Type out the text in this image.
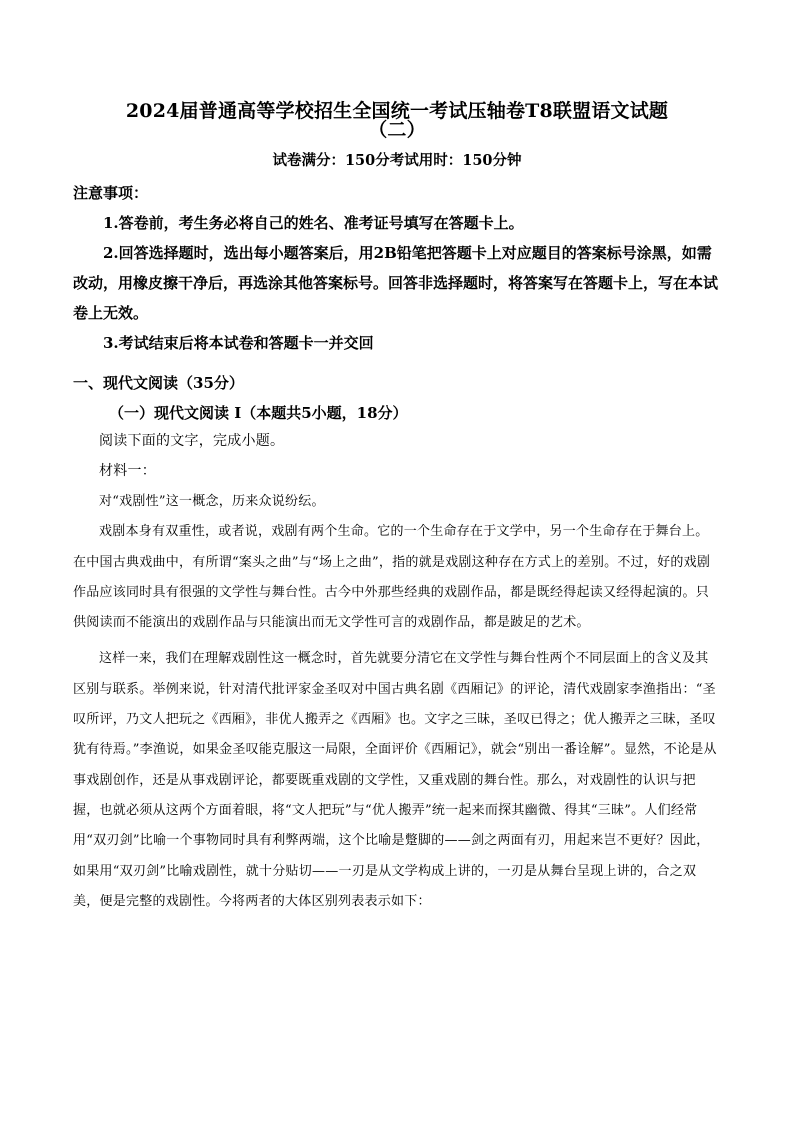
2024届普通高等学校招生全国统一考试压轴卷T8联盟语文试题
（二）
试卷满分：150分考试用时：150分钟

注意事项：

1.答卷前，考生务必将自己的姓名、准考证号填写在答题卡上。

2.回答选择题时，选出每小题答案后，用2B铅笔把答题卡上对应题目的答案标号涂黑，如需改动，用橡皮擦干净后，再选涂其他答案标号。回答非选择题时，将答案写在答题卡上，写在本试卷上无效。

3.考试结束后将本试卷和答题卡一并交回

一、现代文阅读（35分）

（一）现代文阅读 I（本题共5小题，18分）

阅读下面的文字，完成小题。

材料一：

对“戏剧性”这一概念，历来众说纷纭。

戏剧本身有双重性，或者说，戏剧有两个生命。它的一个生命存在于文学中，另一个生命存在于舞台上。在中国古典戏曲中，有所谓“案头之曲”与“场上之曲”，指的就是戏剧这种存在方式上的差别。不过，好的戏剧作品应该同时具有很强的文学性与舞台性。古今中外那些经典的戏剧作品，都是既经得起读又经得起演的。只供阅读而不能演出的戏剧作品与只能演出而无文学性可言的戏剧作品，都是跛足的艺术。

这样一来，我们在理解戏剧性这一概念时，首先就要分清它在文学性与舞台性两个不同层面上的含义及其区别与联系。举例来说，针对清代批评家金圣叹对中国古典名剧《西厢记》的评论，清代戏剧家李渔指出：“圣叹所评，乃文人把玩之《西厢》，非优人搬弄之《西厢》也。文字之三昧，圣叹已得之；优人搬弄之三昧，圣叹犹有待焉。”李渔说，如果金圣叹能克服这一局限，全面评价《西厢记》，就会“别出一番诠解”。显然，不论是从事戏剧创作，还是从事戏剧评论，都要既重戏剧的文学性，又重戏剧的舞台性。那么，对戏剧性的认识与把握，也就必须从这两个方面着眼，将“文人把玩”与“优人搬弄”统一起来而探其幽微、得其“三昧”。人们经常用“双刃剑”比喻一个事物同时具有利弊两端，这个比喻是蹩脚的——剑之两面有刃，用起来岂不更好？因此，如果用“双刃剑”比喻戏剧性，就十分贴切——一刃是从文学构成上讲的，一刃是从舞台呈现上讲的，合之双美，便是完整的戏剧性。今将两者的大体区别列表表示如下：
